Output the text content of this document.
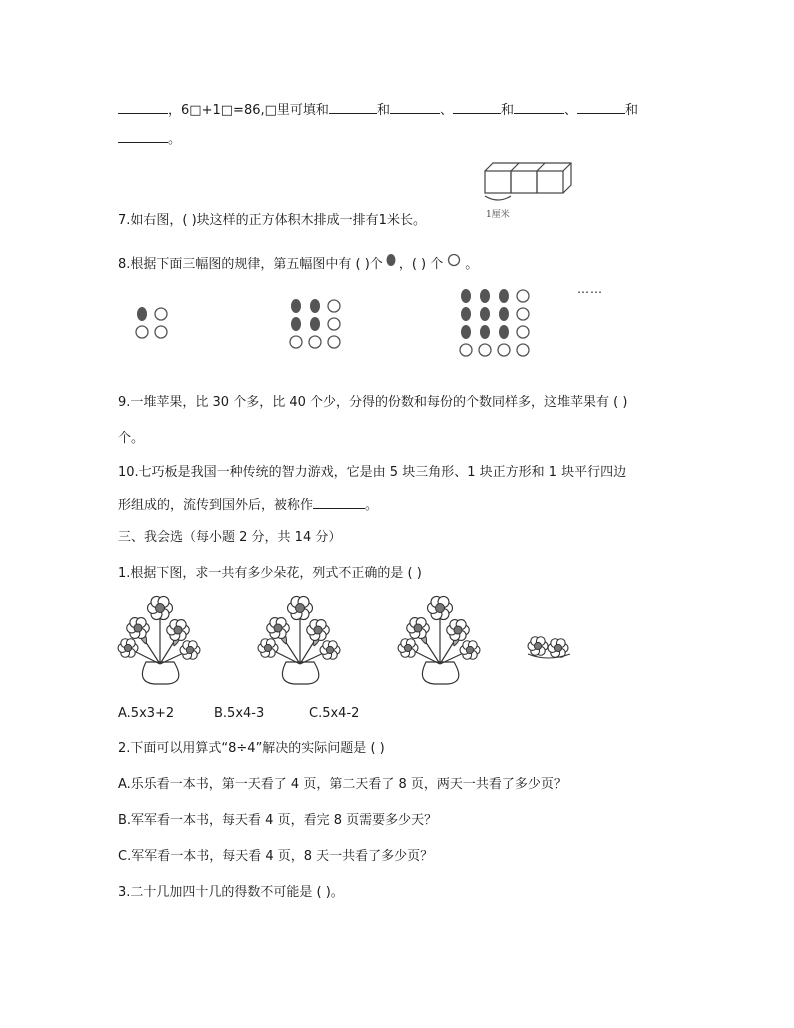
，6□+1□=86,□里可填和	和	、	和	、	和
。
1厘米
7.如右图，( )块这样的正方体积木排成一排有1米长。
8.根据下面三幅图的规律，第五幅图中有 ( )个 ，( ) 个 。
……
9.一堆苹果，比 30 个多，比 40 个少，分得的份数和每份的个数同样多，这堆苹果有 ( )
个。
10.七巧板是我国一种传统的智力游戏，它是由 5 块三角形、1 块正方形和 1 块平行四边
形组成的，流传到国外后，被称作	。
三、我会选（每小题 2 分，共 14 分）
1.根据下图，求一共有多少朵花，列式不正确的是 ( )
A.5x3+2	B.5x4-3	C.5x4-2
2.下面可以用算式“8÷4”解决的实际问题是 ( )
A.乐乐看一本书，第一天看了 4 页，第二天看了 8 页，两天一共看了多少页？
B.军军看一本书，每天看 4 页，看完 8 页需要多少天？
C.军军看一本书，每天看 4 页，8 天一共看了多少页？
3.二十几加四十几的得数不可能是 ( )。
